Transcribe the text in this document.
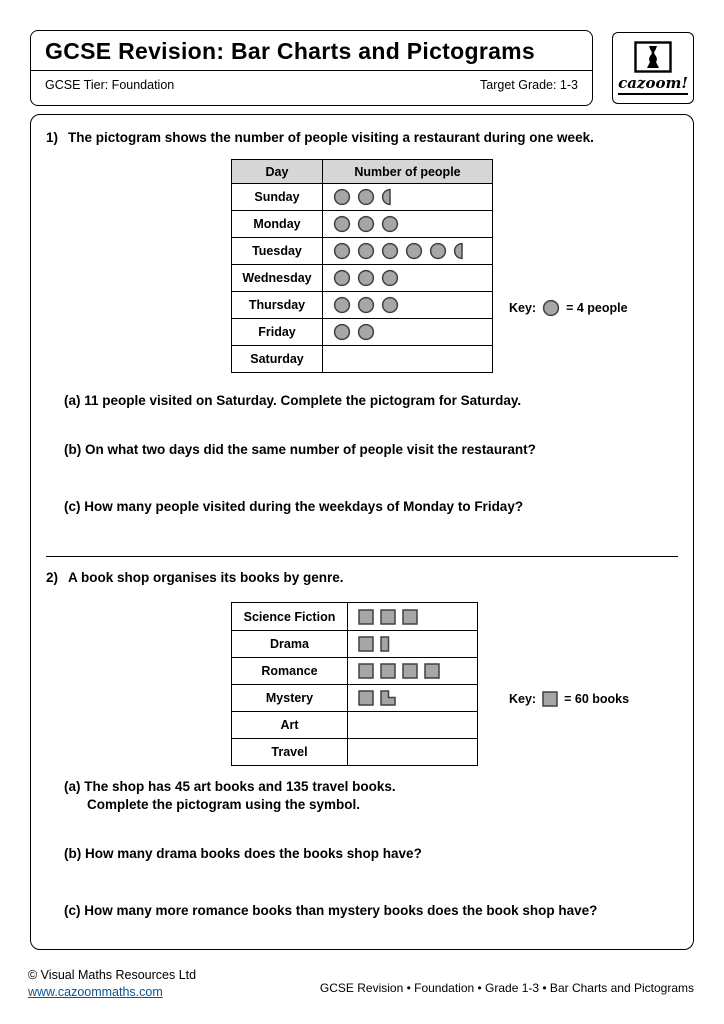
GCSE Revision: Bar Charts and Pictograms
GCSE Tier: Foundation	Target Grade: 1-3	cazoom!
1) The pictogram shows the number of people visiting a restaurant during one week.
Day	Number of people
Sunday
Monday
Tuesday
Wednesday
Thursday
Friday
Saturday
Key: = 4 people
(a) 11 people visited on Saturday. Complete the pictogram for Saturday.
(b) On what two days did the same number of people visit the restaurant?
(c) How many people visited during the weekdays of Monday to Friday?
2) A book shop organises its books by genre.
Science Fiction
Drama
Romance
Mystery
Art
Travel
Key: = 60 books
(a) The shop has 45 art books and 135 travel books.
Complete the pictogram using the symbol.
(b) How many drama books does the books shop have?
(c) How many more romance books than mystery books does the book shop have?
© Visual Maths Resources Ltd
www.cazoommaths.com	GCSE Revision • Foundation • Grade 1-3 • Bar Charts and Pictograms
